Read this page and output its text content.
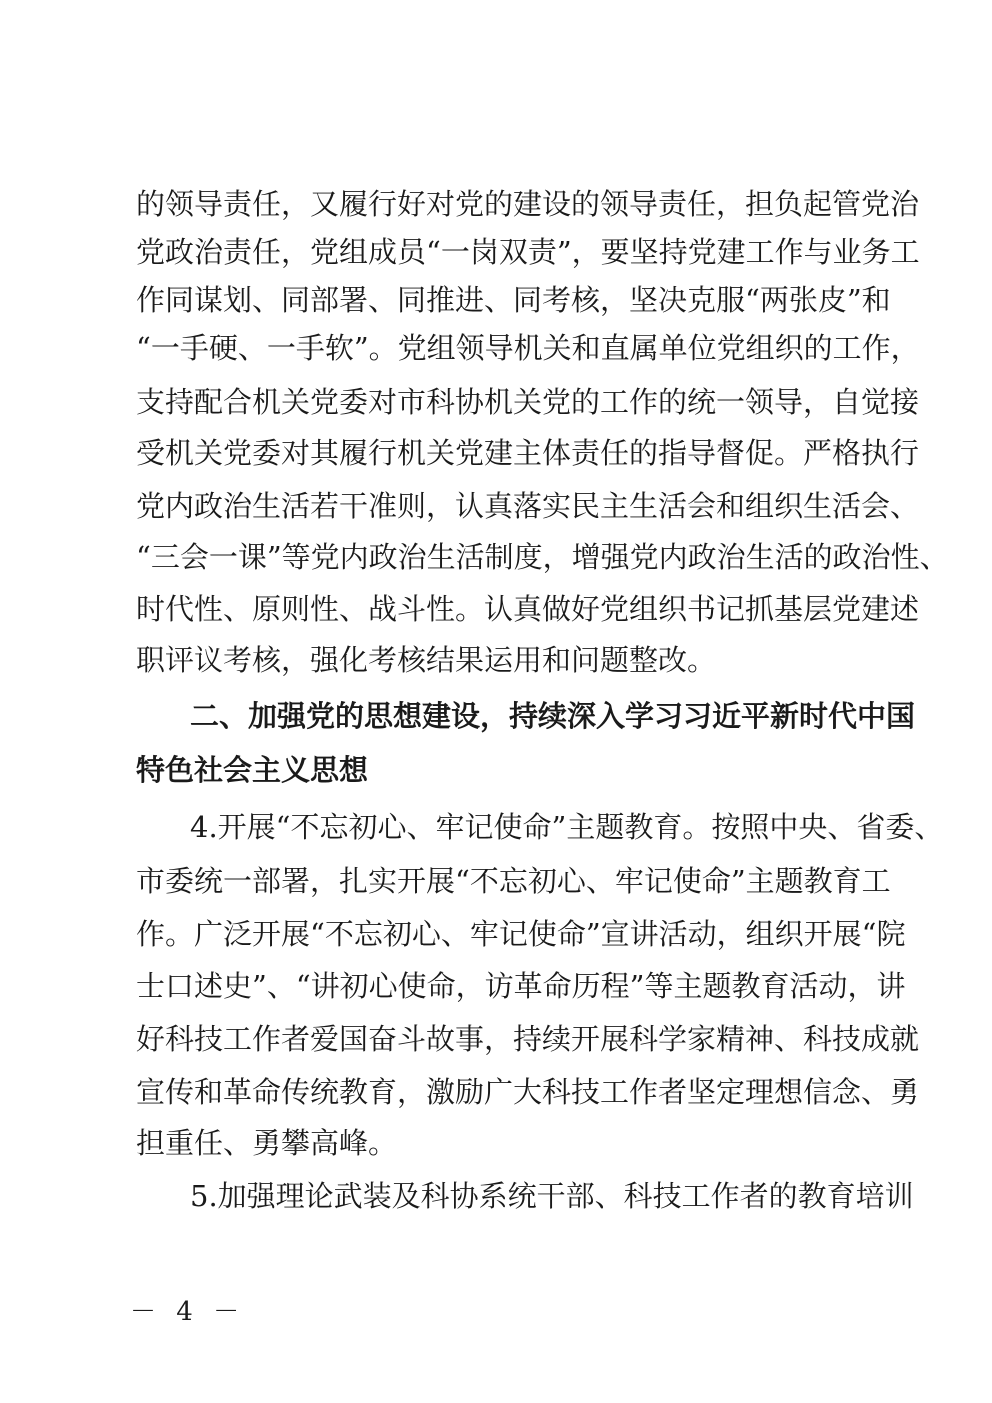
的领导责任，又履行好对党的建设的领导责任，担负起管党治
党政治责任，党组成员“一岗双责”，要坚持党建工作与业务工
作同谋划、同部署、同推进、同考核，坚决克服“两张皮”和
“一手硬、一手软”。党组领导机关和直属单位党组织的工作，
支持配合机关党委对市科协机关党的工作的统一领导，自觉接
受机关党委对其履行机关党建主体责任的指导督促。严格执行
党内政治生活若干准则，认真落实民主生活会和组织生活会、
“三会一课”等党内政治生活制度，增强党内政治生活的政治性、
时代性、原则性、战斗性。认真做好党组织书记抓基层党建述
职评议考核，强化考核结果运用和问题整改。
二、加强党的思想建设，持续深入学习习近平新时代中国
特色社会主义思想
4.开展“不忘初心、牢记使命”主题教育。按照中央、省委、
市委统一部署，扎实开展“不忘初心、牢记使命”主题教育工
作。广泛开展“不忘初心、牢记使命”宣讲活动，组织开展“院
士口述史”、“讲初心使命，访革命历程”等主题教育活动，讲
好科技工作者爱国奋斗故事，持续开展科学家精神、科技成就
宣传和革命传统教育，激励广大科技工作者坚定理想信念、勇
担重任、勇攀高峰。
5.加强理论武装及科协系统干部、科技工作者的教育培训
－ 4 －
